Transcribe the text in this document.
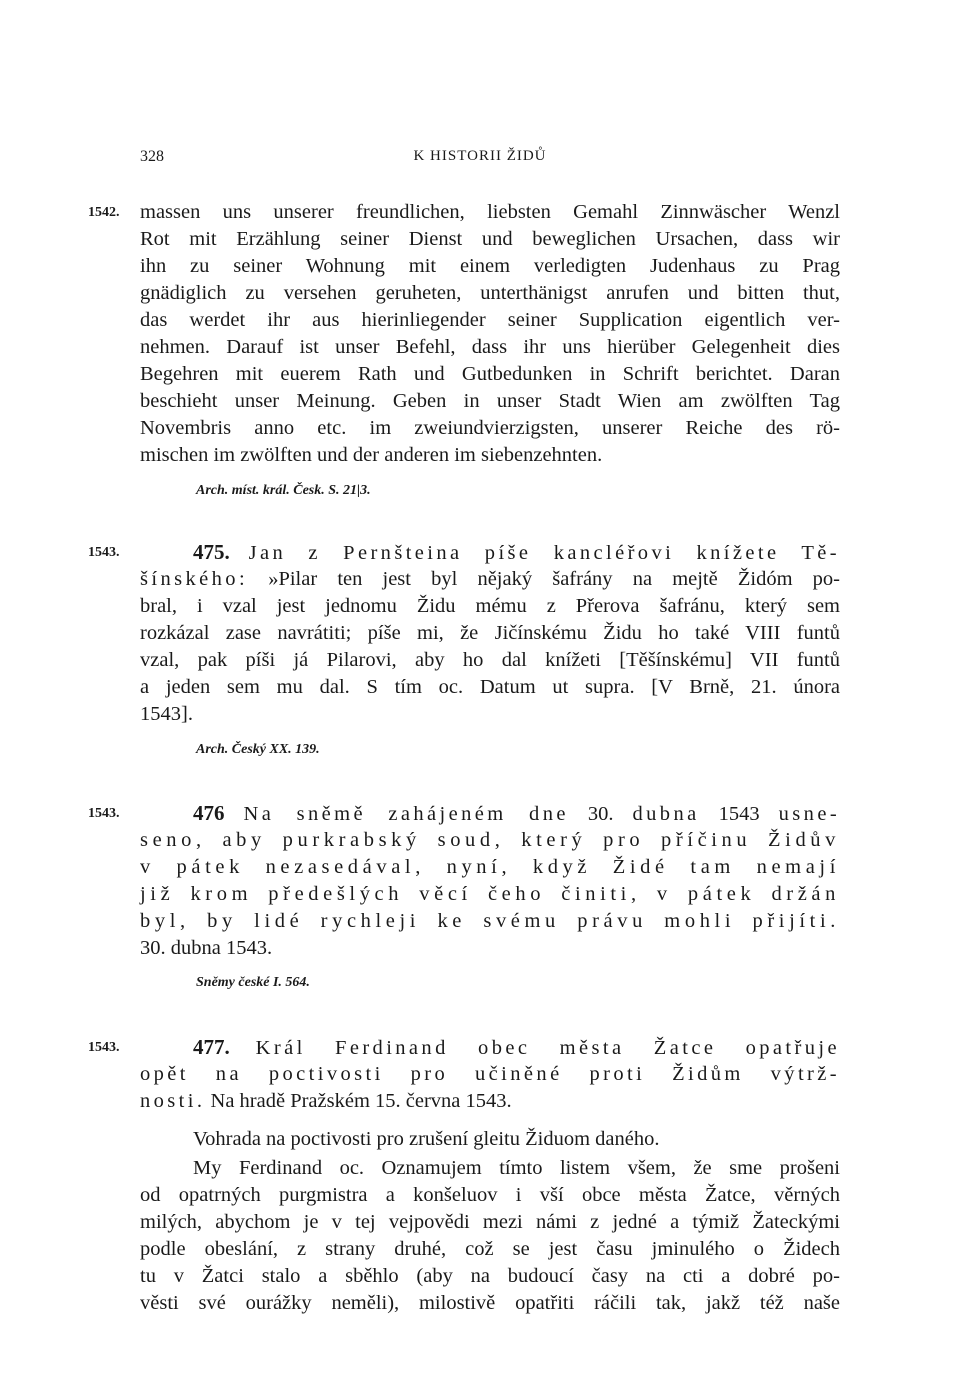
328	K HISTORII ŽIDŮ
1542. massen uns unserer freundlichen, liebsten Gemahl Zinnwäscher Wenzl
Rot mit Erzählung seiner Dienst und beweglichen Ursachen, dass wir
ihn zu seiner Wohnung mit einem verledigten Judenhaus zu Prag
gnädiglich zu versehen geruheten, unterthänigst anrufen und bitten thut,
das werdet ihr aus hierinliegender seiner Supplication eigentlich ver-
nehmen. Darauf ist unser Befehl, dass ihr uns hierüber Gelegenheit dies
Begehren mit euerem Rath und Gutbedunken in Schrift berichtet. Daran
beschieht unser Meinung. Geben in unser Stadt Wien am zwölften Tag
Novembris anno etc. im zweiundvierzigsten, unserer Reiche des rö-
mischen im zwölften und der anderen im siebenzehnten.
Arch. míst. král. Česk. S. 21|3.
1543.	475. Jan z Pernšteina píše kancléřovi knížete Tě-
šínského: »Pilar ten jest byl nějaký šafrány na mejtě Židóm po-
bral, i vzal jest jednomu Židu mému z Přerova šafránu, který sem
rozkázal zase navrátiti; píše mi, že Jičínskému Židu ho také VIII funtů
vzal, pak píši já Pilarovi, aby ho dal knížeti [Těšínskému] VII funtů
a jeden sem mu dal. S tím oc. Datum ut supra. [V Brně, 21. února
1543].
Arch. Český XX. 139.
1543.	476 Na sněmě zahájeném dne 30. dubna 1543 usne-
seno, aby purkrabský soud, který pro příčinu Židův
v pátek nezasedával, nyní, když Židé tam nemají
již krom předešlých věcí čeho činiti, v pátek držán
byl, by lidé rychleji ke svému právu mohli přijíti.
30. dubna 1543.
Sněmy české I. 564.
1543.	477. Král Ferdinand obec města Žatce opatřuje
opět na poctivosti pro učiněné proti Židům výtrž-
nosti. Na hradě Pražském 15. června 1543.
Vohrada na poctivosti pro zrušení gleitu Židuom daného.
My Ferdinand oc. Oznamujem tímto listem všem, že sme prošeni
od opatrných purgmistra a konšeluov i vší obce města Žatce, věrných
milých, abychom je v tej vejpovědi mezi námi z jedné a týmiž Žateckými
podle obeslání, z strany druhé, což se jest času jminulého o Židech
tu v Žatci stalo a sběhlo (aby na budoucí časy na cti a dobré po-
věsti své ourážky neměli), milostivě opatřiti ráčili tak, jakž též naše
